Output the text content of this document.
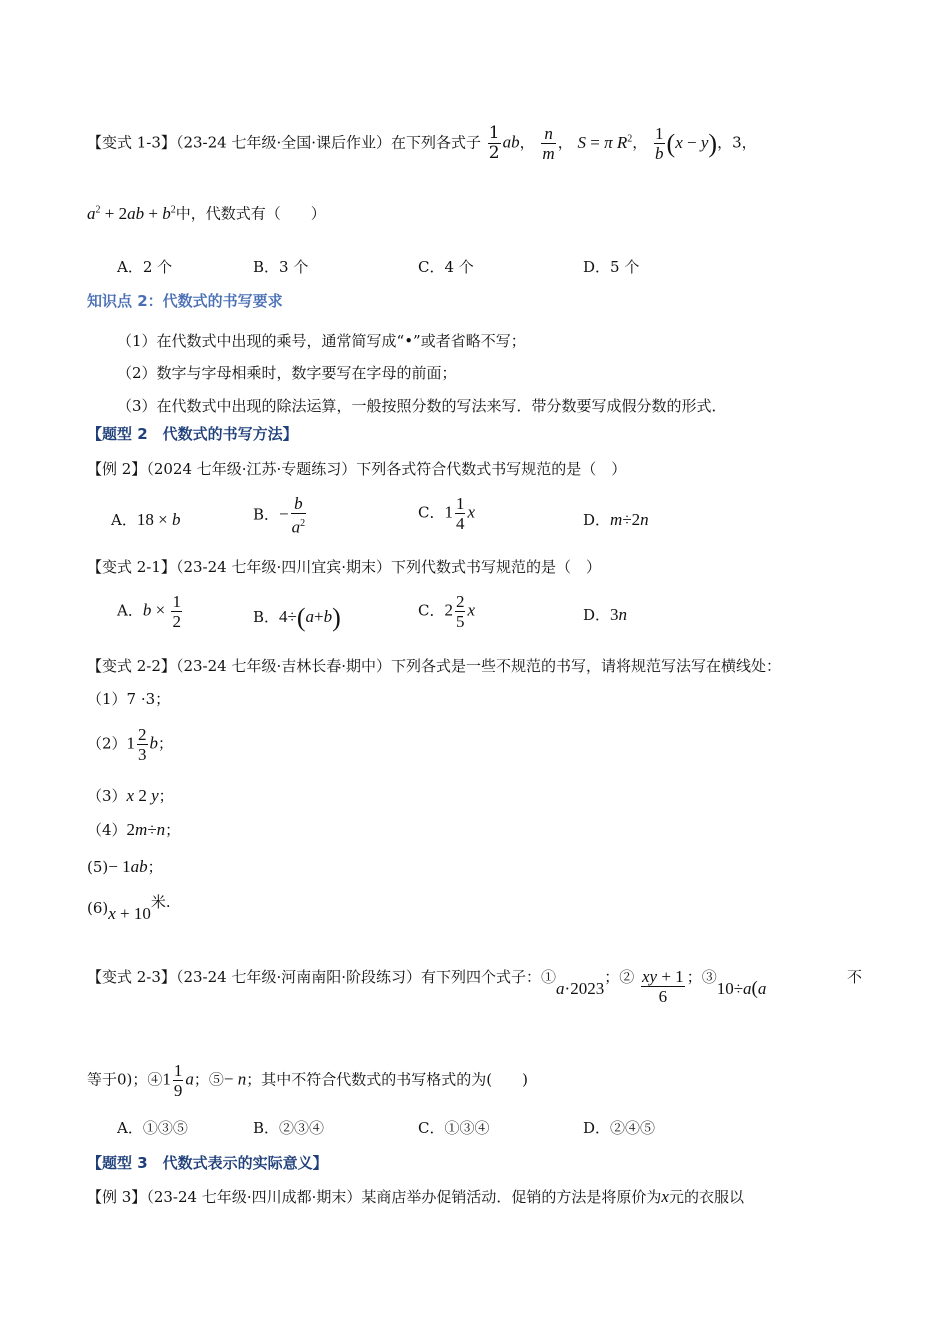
【变式 1-3】（23-24 七年级·全国·课后作业）在下列各式子 $\frac{1}{2}$ ab， $\frac{n}{m}$ ， S = π $R^2$， $\frac{1}{b} (x - y)$，3，
$a^2 + 2ab + b^2$中，代数式有（　　）
A．2 个	B．3 个	C．4 个	D．5 个
知识点 2：代数式的书写要求
（1）在代数式中出现的乘号，通常简写成“•”或者省略不写；
（2）数字与字母相乘时，数字要写在字母的前面；
（3）在代数式中出现的除法运算，一般按照分数的写法来写．带分数要写成假分数的形式．
【题型 2　代数式的书写方法】
【例 2】（2024 七年级·江苏·专题练习）下列各式符合代数式书写规范的是（　）
A．18 × b	B．− $\frac{b}{a^2}$	C．$1 \frac{1}{4}$ x	D．m÷2n
【变式 2-1】（23-24 七年级·四川宜宾·期末）下列代数式书写规范的是（　）
A．$b \times \frac{1}{2}$	B．4÷(a+b)	C．$2 \frac{2}{5}$ x	D．3n
【变式 2-2】（23-24 七年级·吉林长春·期中）下列各式是一些不规范的书写，请将规范写法写在横线处：
（1）7 ·3；
$(2)1 \frac{2}{3}$ b；
（3）x 2 y；
（4）2m÷n；
(5)− 1ab；
(6)x + 10米.
【变式 2-3】（23-24 七年级·河南南阳·阶段练习）有下列四个式子：①a·2023；② $\frac{xy + 1}{6}$ ；③10÷a(a
不
等于0)；④1 $\frac{1}{9}$ a；⑤− n；其中不符合代数式的书写格式的为(　　)
A．①③⑤	B．②③④	C．①③④	D．②④⑤
【题型 3　代数式表示的实际意义】
【例 3】（23-24 七年级·四川成都·期末）某商店举办促销活动．促销的方法是将原价为x元的衣服以
